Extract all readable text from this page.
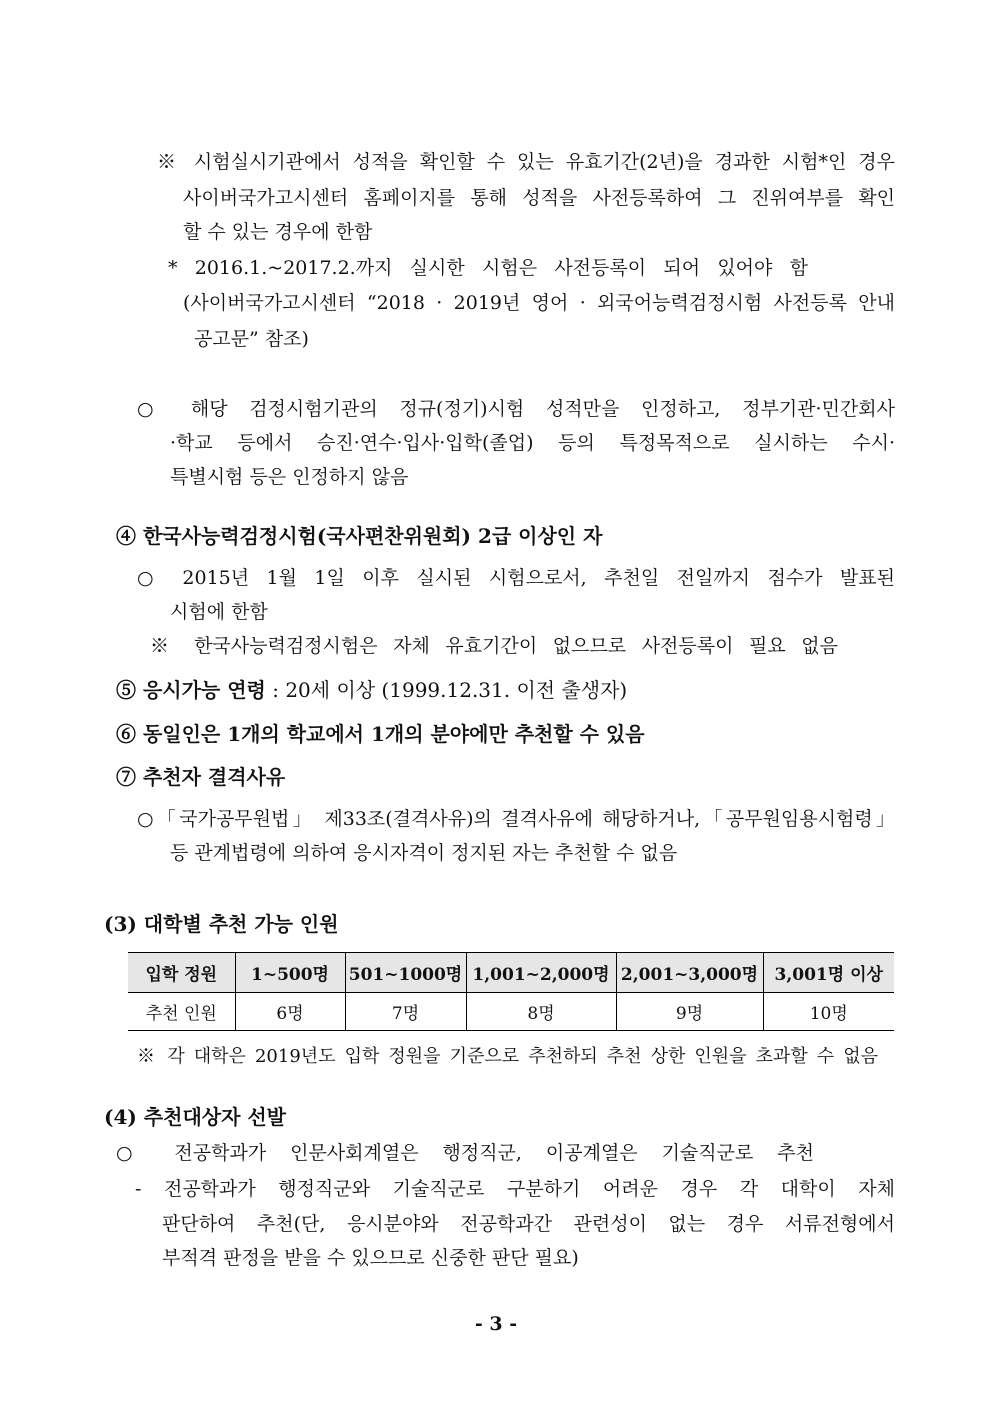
※ 시험실시기관에서 성적을 확인할 수 있는 유효기간(2년)을 경과한 시험*인 경우
사이버국가고시센터 홈페이지를 통해 성적을 사전등록하여 그 진위여부를 확인
할 수 있는 경우에 한함
* 2016.1.~2017.2.까지 실시한 시험은 사전등록이 되어 있어야 함
(사이버국가고시센터 “2018 · 2019년 영어 · 외국어능력검정시험 사전등록 안내
공고문” 참조)
○ 해당 검정시험기관의 정규(정기)시험 성적만을 인정하고, 정부기관·민간회사
·학교 등에서 승진·연수·입사·입학(졸업) 등의 특정목적으로 실시하는 수시·
특별시험 등은 인정하지 않음
④ 한국사능력검정시험(국사편찬위원회) 2급 이상인 자
○ 2015년 1월 1일 이후 실시된 시험으로서, 추천일 전일까지 점수가 발표된
시험에 한함
※ 한국사능력검정시험은 자체 유효기간이 없으므로 사전등록이 필요 없음
⑤ 응시가능 연령 : 20세 이상 (1999.12.31. 이전 출생자)
⑥ 동일인은 1개의 학교에서 1개의 분야에만 추천할 수 있음
⑦ 추천자 결격사유
○「국가공무원법」 제33조(결격사유)의 결격사유에 해당하거나,「공무원임용시험령」
등 관계법령에 의하여 응시자격이 정지된 자는 추천할 수 없음
(3) 대학별 추천 가능 인원
입학 정원	1~500명	501~1000명	1,001~2,000명	2,001~3,000명	3,001명 이상
추천 인원	6명	7명	8명	9명	10명
※ 각 대학은 2019년도 입학 정원을 기준으로 추천하되 추천 상한 인원을 초과할 수 없음
(4) 추천대상자 선발
○ 전공학과가 인문사회계열은 행정직군, 이공계열은 기술직군로 추천
- 전공학과가 행정직군와 기술직군로 구분하기 어려운 경우 각 대학이 자체
판단하여 추천(단, 응시분야와 전공학과간 관련성이 없는 경우 서류전형에서
부적격 판정을 받을 수 있으므로 신중한 판단 필요)
- 3 -
